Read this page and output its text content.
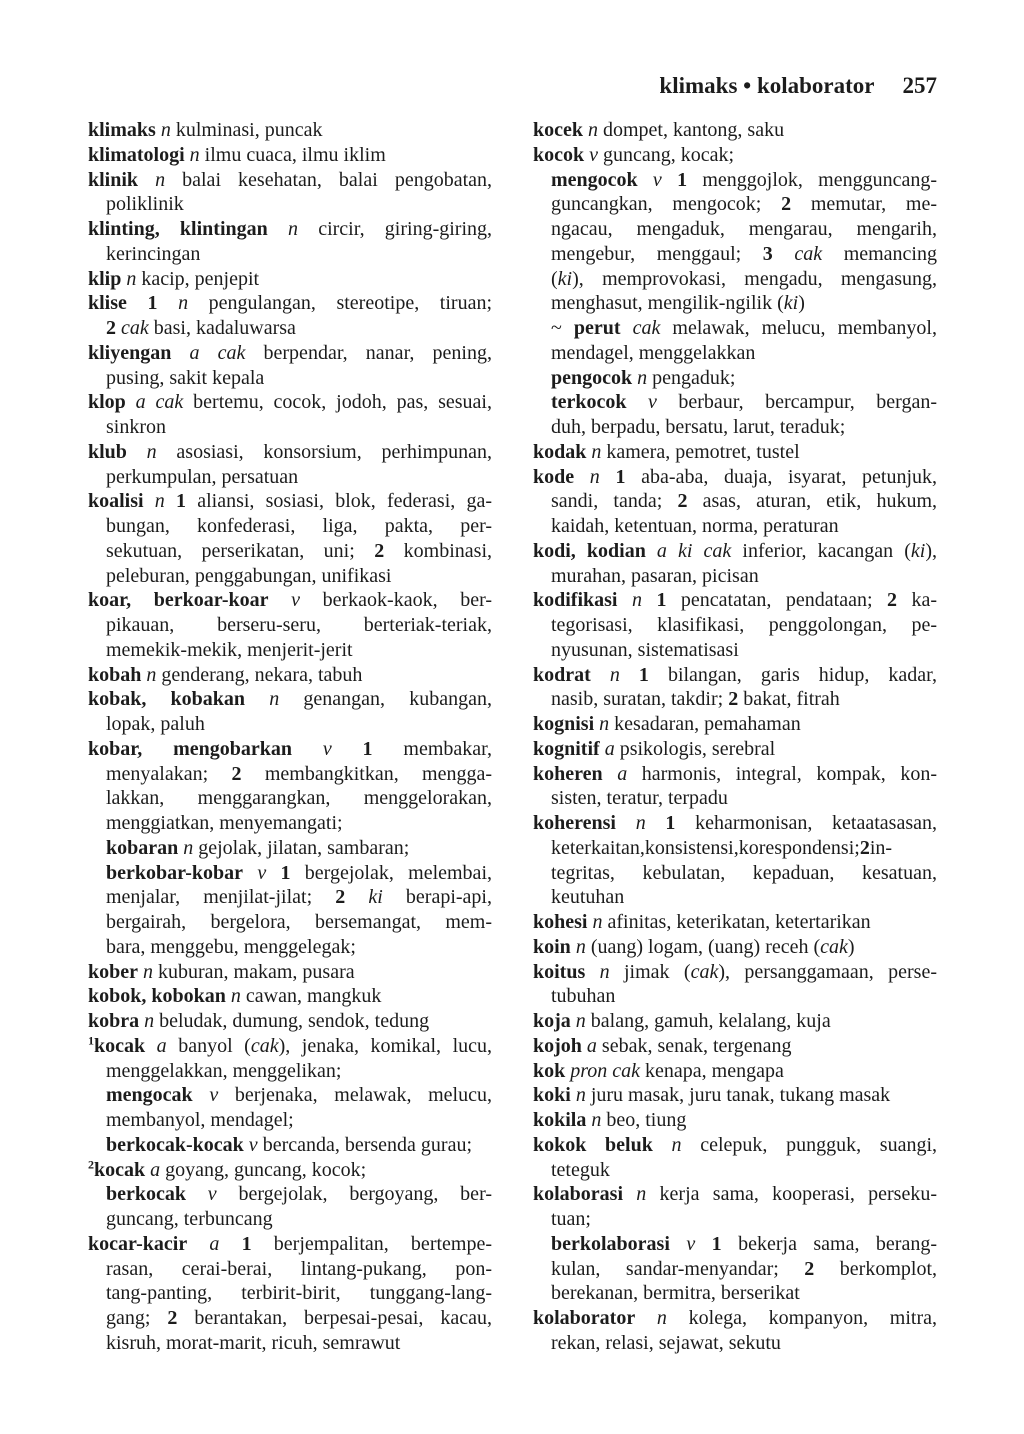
klimaks • kolaborator 257
klimaks n kulminasi, puncak
klimatologi n ilmu cuaca, ilmu iklim
klinik n balai kesehatan, balai pengobatan,
poliklinik
klinting, klintingan n circir, giring-giring,
kerincingan
klip n kacip, penjepit
klise 1 n pengulangan, stereotipe, tiruan;
2 cak basi, kadaluwarsa
kliyengan a cak berpendar, nanar, pening,
pusing, sakit kepala
klop a cak bertemu, cocok, jodoh, pas, sesuai,
sinkron
klub n asosiasi, konsorsium, perhimpunan,
perkumpulan, persatuan
koalisi n 1 aliansi, sosiasi, blok, federasi, ga-
bungan, konfederasi, liga, pakta, per-
sekutuan, perserikatan, uni; 2 kombinasi,
peleburan, penggabungan, unifikasi
koar, berkoar-koar v berkaok-kaok, ber-
pikauan, berseru-seru, berteriak-teriak,
memekik-mekik, menjerit-jerit
kobah n genderang, nekara, tabuh
kobak, kobakan n genangan, kubangan,
lopak, paluh
kobar, mengobarkan v 1 membakar,
menyalakan; 2 membangkitkan, mengga-
lakkan, menggarangkan, menggelorakan,
menggiatkan, menyemangati;
kobaran n gejolak, jilatan, sambaran;
berkobar-kobar v 1 bergejolak, melembai,
menjalar, menjilat-jilat; 2 ki berapi-api,
bergairah, bergelora, bersemangat, mem-
bara, menggebu, menggelegak;
kober n kuburan, makam, pusara
kobok, kobokan n cawan, mangkuk
kobra n beludak, dumung, sendok, tedung
$^1$kocak a banyol (cak), jenaka, komikal, lucu,
menggelakkan, menggelikan;
mengocak v berjenaka, melawak, melucu,
membanyol, mendagel;
berkocak-kocak v bercanda, bersenda gurau;
$^2$kocak a goyang, guncang, kocok;
berkocak v bergejolak, bergoyang, ber-
guncang, terbuncang
kocar-kacir a 1 berjempalitan, bertempe-
rasan, cerai-berai, lintang-pukang, pon-
tang-panting, terbirit-birit, tunggang-lang-
gang; 2 berantakan, berpesai-pesai, kacau,
kisruh, morat-marit, ricuh, semrawut
kocek n dompet, kantong, saku
kocok v guncang, kocak;
mengocok v 1 menggojlok, mengguncang-
guncangkan, mengocok; 2 memutar, me-
ngacau, mengaduk, mengarau, mengarih,
mengebur, menggaul; 3 cak memancing
(ki), memprovokasi, mengadu, mengasung,
menghasut, mengilik-ngilik (ki)
~ perut cak melawak, melucu, membanyol,
mendagel, menggelakkan
pengocok n pengaduk;
terkocok v berbaur, bercampur, bergan-
duh, berpadu, bersatu, larut, teraduk;
kodak n kamera, pemotret, tustel
kode n 1 aba-aba, duaja, isyarat, petunjuk,
sandi, tanda; 2 asas, aturan, etik, hukum,
kaidah, ketentuan, norma, peraturan
kodi, kodian a ki cak inferior, kacangan (ki),
murahan, pasaran, picisan
kodifikasi n 1 pencatatan, pendataan; 2 ka-
tegorisasi, klasifikasi, penggolongan, pe-
nyusunan, sistematisasi
kodrat n 1 bilangan, garis hidup, kadar,
nasib, suratan, takdir; 2 bakat, fitrah
kognisi n kesadaran, pemahaman
kognitif a psikologis, serebral
koheren a harmonis, integral, kompak, kon-
sisten, teratur, terpadu
koherensi n 1 keharmonisan, ketaatasasan,
keterkaitan,konsistensi,korespondensi;2in-
tegritas, kebulatan, kepaduan, kesatuan,
keutuhan
kohesi n afinitas, keterikatan, ketertarikan
koin n (uang) logam, (uang) receh (cak)
koitus n jimak (cak), persanggamaan, perse-
tubuhan
koja n balang, gamuh, kelalang, kuja
kojoh a sebak, senak, tergenang
kok pron cak kenapa, mengapa
koki n juru masak, juru tanak, tukang masak
kokila n beo, tiung
kokok beluk n celepuk, pungguk, suangi,
teteguk
kolaborasi n kerja sama, kooperasi, perseku-
tuan;
berkolaborasi v 1 bekerja sama, berang-
kulan, sandar-menyandar; 2 berkomplot,
berekanan, bermitra, berserikat
kolaborator n kolega, kompanyon, mitra,
rekan, relasi, sejawat, sekutu
